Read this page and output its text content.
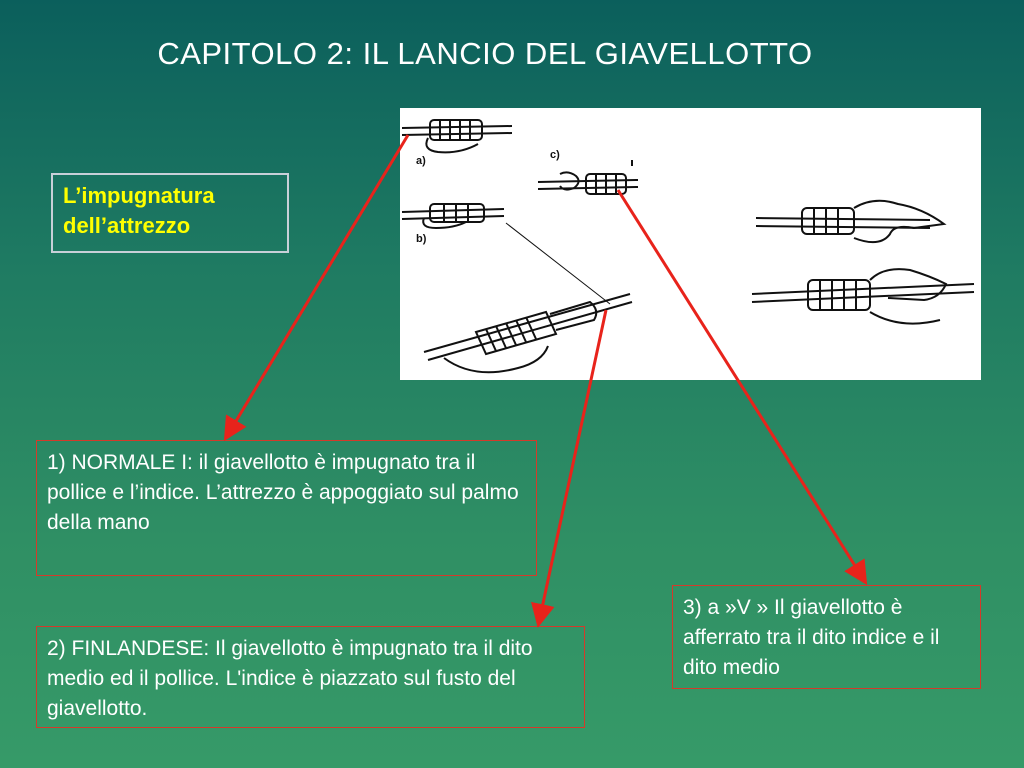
CAPITOLO 2: IL LANCIO DEL GIAVELLOTTO
L’impugnatura
dell’attrezzo
a)
b)
c)
1) NORMALE I: il giavellotto è impugnato tra il pollice e l’indice. L’attrezzo è appoggiato sul palmo della mano
2) FINLANDESE: Il giavellotto è impugnato tra il dito medio ed il pollice. L'indice è piazzato sul fusto del giavellotto.
3) a »V » Il giavellotto è afferrato tra il dito indice e il dito medio
